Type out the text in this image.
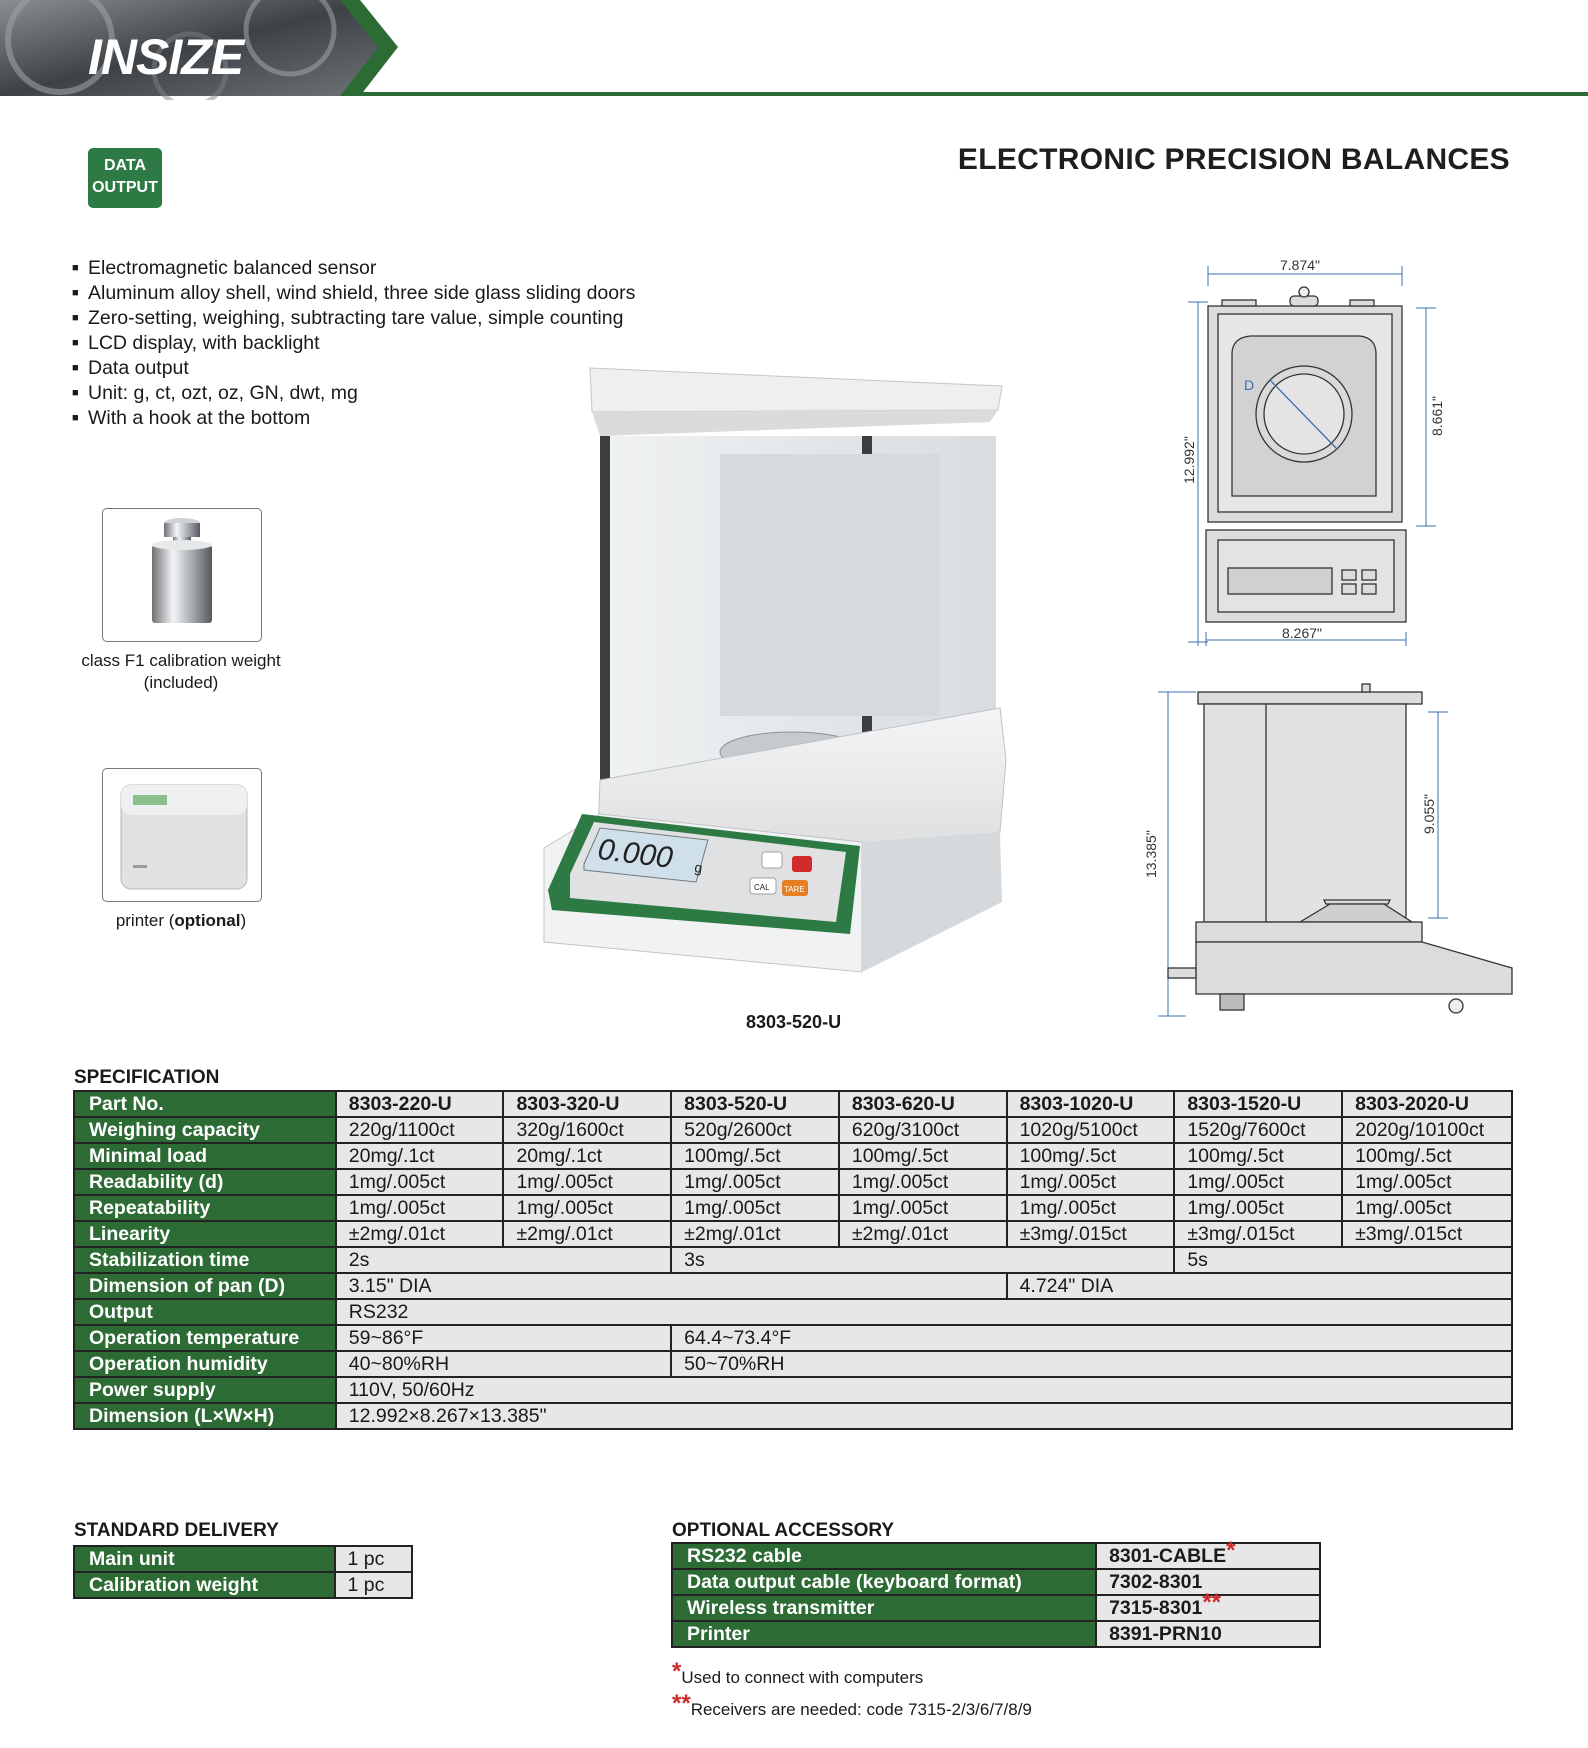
INSIZE
DATA
OUTPUT
ELECTRONIC PRECISION BALANCES
■ Electromagnetic balanced sensor
■ Aluminum alloy shell, wind shield, three side glass sliding doors
■ Zero-setting, weighing, subtracting tare value, simple counting
■ LCD display, with backlight
■ Data output
■ Unit: g, ct, ozt, oz, GN, dwt, mg
■ With a hook at the bottom
class F1 calibration weight
(included)
printer (optional)
0.000 g
CAL TARE
8303-520-U
7.874"
8.267"
12.992"
8.661"
D
13.385"
9.055"
SPECIFICATION
Part No.	8303-220-U	8303-320-U	8303-520-U	8303-620-U	8303-1020-U	8303-1520-U	8303-2020-U
Weighing capacity	220g/1100ct	320g/1600ct	520g/2600ct	620g/3100ct	1020g/5100ct	1520g/7600ct	2020g/10100ct
Minimal load	20mg/.1ct	20mg/.1ct	100mg/.5ct	100mg/.5ct	100mg/.5ct	100mg/.5ct	100mg/.5ct
Readability (d)	1mg/.005ct	1mg/.005ct	1mg/.005ct	1mg/.005ct	1mg/.005ct	1mg/.005ct	1mg/.005ct
Repeatability	1mg/.005ct	1mg/.005ct	1mg/.005ct	1mg/.005ct	1mg/.005ct	1mg/.005ct	1mg/.005ct
Linearity	±2mg/.01ct	±2mg/.01ct	±2mg/.01ct	±2mg/.01ct	±3mg/.015ct	±3mg/.015ct	±3mg/.015ct
Stabilization time	2s		3s			5s	
Dimension of pan (D)	3.15" DIA				4.724" DIA		
Output	RS232						
Operation temperature	59~86°F		64.4~73.4°F				
Operation humidity	40~80%RH		50~70%RH				
Power supply	110V, 50/60Hz						
Dimension (L×W×H)	12.992×8.267×13.385"						
STANDARD DELIVERY
Main unit	1 pc
Calibration weight	1 pc
OPTIONAL ACCESSORY
RS232 cable	8301-CABLE*
Data output cable (keyboard format)	7302-8301
Wireless transmitter	7315-8301**
Printer	8391-PRN10
*Used to connect with computers
**Receivers are needed: code 7315-2/3/6/7/8/9
